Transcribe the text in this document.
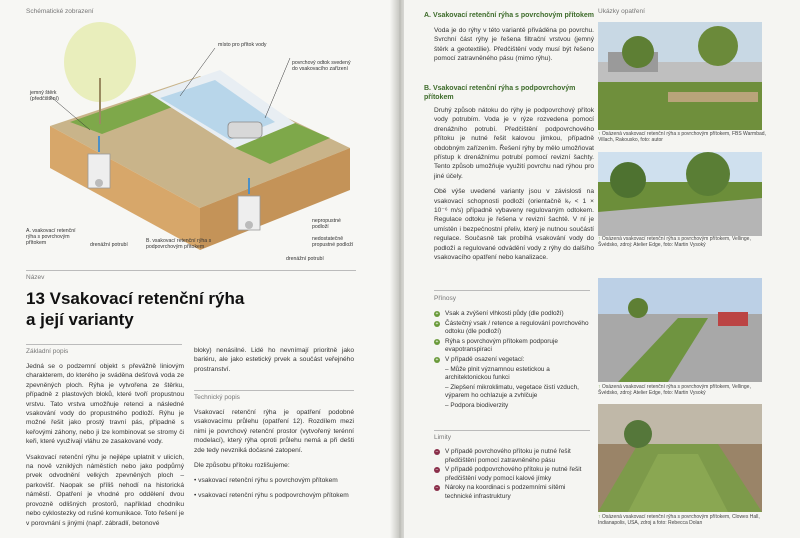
Schématické zobrazení
místo pro přítok vody
povrchový odtok svedený do vsakovacího zařízení
jemný štěrk (předčištění)
nepropustné podloží
nedostatečně propustné podloží
A. vsakovací retenční rýha s povrchovým přítokem	drenážní potrubí
B. vsakovací retenční rýha s podpovrchovým přítokem
drenážní potrubí
Název
13 Vsakovací retenční rýha
a její varianty
Základní popis

Jedná se o podzemní objekt s převážně liniovým charakterem, do kterého je sváděna dešťová voda ze zpevněných ploch. Rýha je vytvořena ze štěrku, případně z plastových bloků, které tvoří propustnou vrstvu. Tato vrstva umožňuje retenci a následné vsakování vody do propustného podloží. Rýhu je možné řešit jako prostý travní pás, případně s keřovými záhony, nebo ji lze kombinovat se stromy či keři, které využívají vláhu ze zasakované vody.

Vsakovací retenční rýhu je nejlépe uplatnit v ulicích, na nově vzniklých náměstích nebo jako podpůrný prvek odvodnění velkých zpevněných ploch – parkovišť. Naopak se příliš nehodí na historická náměstí. Opatření je vhodné pro oddělení dvou provozně odlišných prostorů, například chodníku nebo cyklostezky od rušné komunikace. Toto řešení je v porovnání s jinými (např. zábradlí, betonové

bloky) nenásilné. Lidé ho nevnímají prioritně jako bariéru, ale jako estetický prvek a součást veřejného prostranství.

Technický popis

Vsakovací retenční rýha je opatření podobné vsakovacímu průlehu (opatření 12). Rozdílem mezi nimi je povrchový retenční prostor (vytvořený terénní modelací), který rýha oproti průlehu nemá a při dešti zde tedy nevzniká dočasné zatopení.

Dle způsobu přítoku rozlišujeme:

• vsakovací retenční rýhu s povrchovým přítokem
• vsakovací retenční rýhu s podpovrchovým přítokem
A. Vsakovací retenční rýha s povrchovým přítokem
Voda je do rýhy v této variantě přiváděna po povrchu. Svrchní část rýhy je řešena filtrační vrstvou (jemný štěrk a geotextilie). Předčištění vody musí být řešeno pomocí zatravněného pásu (mimo rýhu).
B. Vsakovací retenční rýha s podpovrchovým přítokem

Druhý způsob nátoku do rýhy je podpovrchový přítok vody potrubím. Voda je v rýze rozvedena pomocí drenážního potrubí. Předčištění podpovrchového přítoku je nutné řešit kalovou jímkou, případně obdobným zařízením. Řešení rýhy by mělo umožňovat přístup k drenážnímu potrubí pomocí revizní šachty. Tento způsob umožňuje využití povrchu nad rýhou pro jiné účely.

Obě výše uvedené varianty jsou v závislosti na vsakovací schopnosti podloží (orientačně kᵥ < 1 × 10⁻⁶ m/s) případně vybaveny regulovaným odtokem. Regulace odtoku je řešena v revizní šachtě. V ní je umístěn i bezpečnostní přeliv, který je nutnou součástí regulace. Současně tak probíhá vsakování vody do podloží a regulované odvádění vody z rýhy do dalšího vsakovacího opatření nebo kanalizace.

Přínosy
+ Vsak a zvýšení vlhkosti půdy (dle podloží)
+ Částečný vsak / retence a regulování povrchového odtoku (dle podloží)
+ Rýha s povrchovým přítokem podporuje evapotranspiraci
+ V případě osazení vegetací:
– Může plnit významnou estetickou a architektonickou funkci
– Zlepšení mikroklimatu, vegetace čistí vzduch, výparem ho ochlazuje a zvhlčuje
– Podpora biodiverzity
Limity
− V případě povrchového přítoku je nutné řešit předčištění pomocí zatravněného pásu
− V případě podpovrchového přítoku je nutné řešit předčištění vody pomocí kalové jímky
− Nároky na koordinaci s podzemními sítěmi technické infrastruktury
Ukázky opatření
↑ Osázená vsakovací retenční rýha s povrchovým přítokem, FBS Warmbad, Villach, Rakousko, foto: autor
↑ Osázená vsakovací retenční rýha s povrchovým přítokem, Vellinge, Švédsko, zdroj: Atelier Edge, foto: Martin Vysoký
↑ Osázená vsakovací retenční rýha s povrchovým přítokem, Vellinge, Švédsko, zdroj: Atelier Edge, foto: Martin Vysoký
↑ Osázená vsakovací retenční rýha s povrchovým přítokem, Clowes Hall, Indianapolis, USA, zdroj a foto: Rebecca Dolan
